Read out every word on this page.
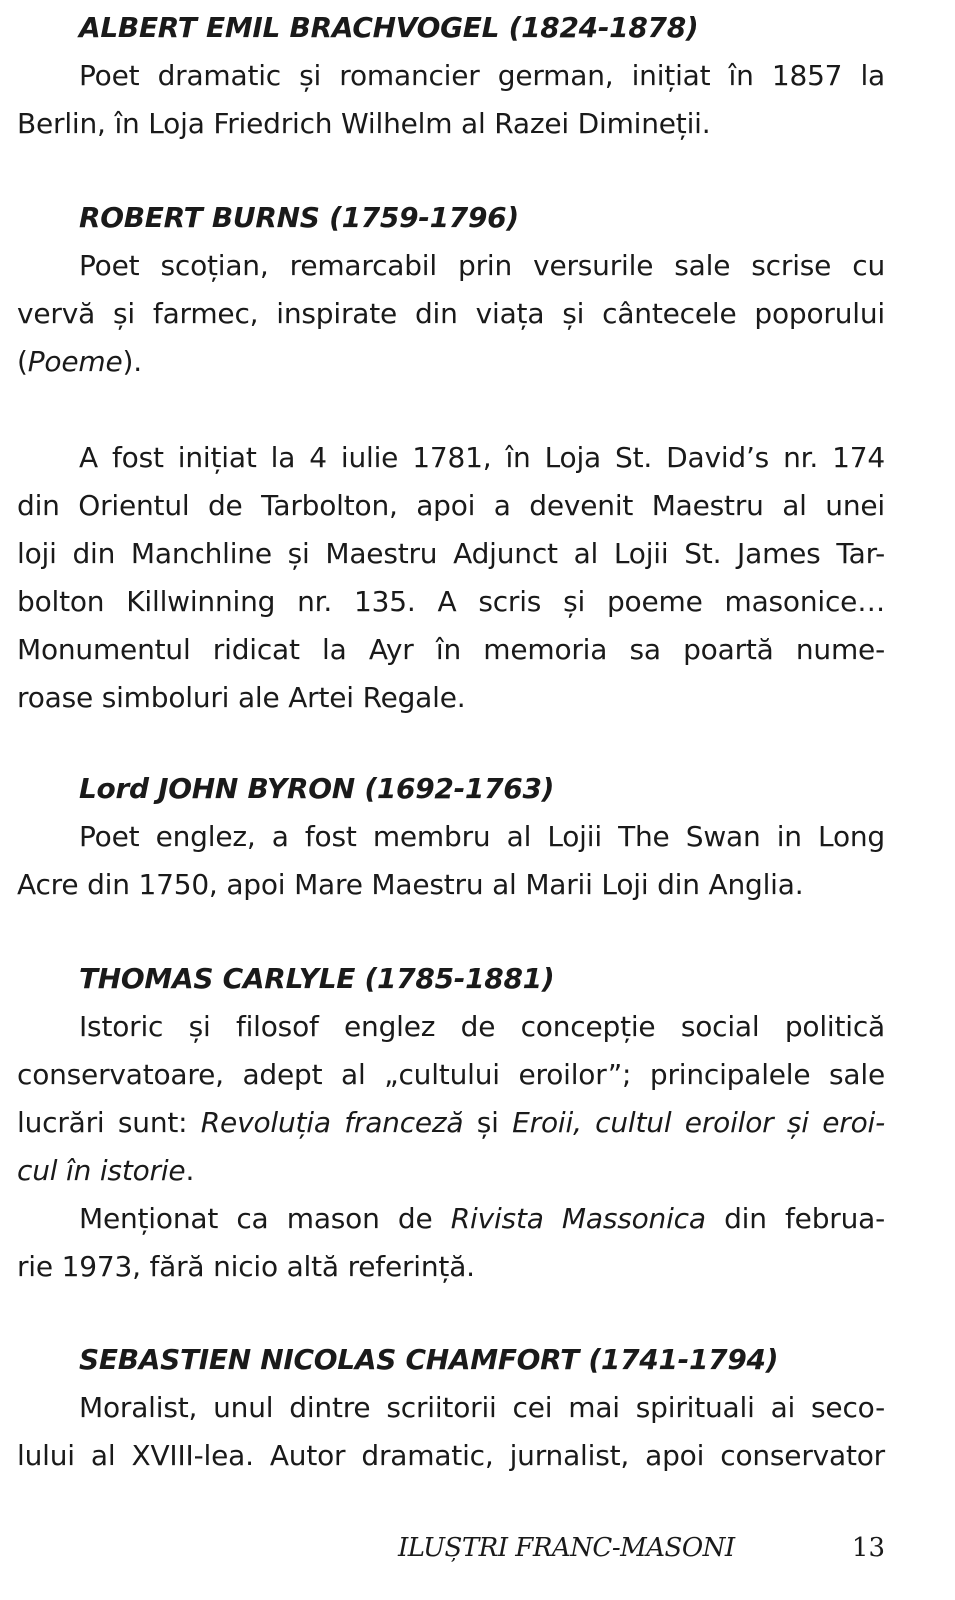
ALBERT EMIL BRACHVOGEL (1824-1878)
Poet dramatic și romancier german, inițiat în 1857 la
Berlin, în Loja Friedrich Wilhelm al Razei Dimineții.
ROBERT BURNS (1759-1796)
Poet scoțian, remarcabil prin versurile sale scrise cu
vervă și farmec, inspirate din viața și cântecele poporului
(Poeme).
A fost inițiat la 4 iulie 1781, în Loja St. David’s nr. 174
din Orientul de Tarbolton, apoi a devenit Maestru al unei
loji din Manchline și Maestru Adjunct al Lojii St. James Tar-
bolton Killwinning nr. 135. A scris și poeme masonice…
Monumentul ridicat la Ayr în memoria sa poartă nume-
roase simboluri ale Artei Regale.
Lord JOHN BYRON (1692-1763)
Poet englez, a fost membru al Lojii The Swan in Long
Acre din 1750, apoi Mare Maestru al Marii Loji din Anglia.
THOMAS CARLYLE (1785-1881)
Istoric și filosof englez de concepție social politică
conservatoare, adept al „cultului eroilor”; principalele sale
lucrări sunt: Revoluția franceză și Eroii, cultul eroilor și eroi-
cul în istorie.
Menționat ca mason de Rivista Massonica din februa-
rie 1973, fără nicio altă referință.
SEBASTIEN NICOLAS CHAMFORT (1741-1794)
Moralist, unul dintre scriitorii cei mai spirituali ai seco-
lului al XVIII-lea. Autor dramatic, jurnalist, apoi conservator
ILUȘTRI FRANC-MASONI	13
